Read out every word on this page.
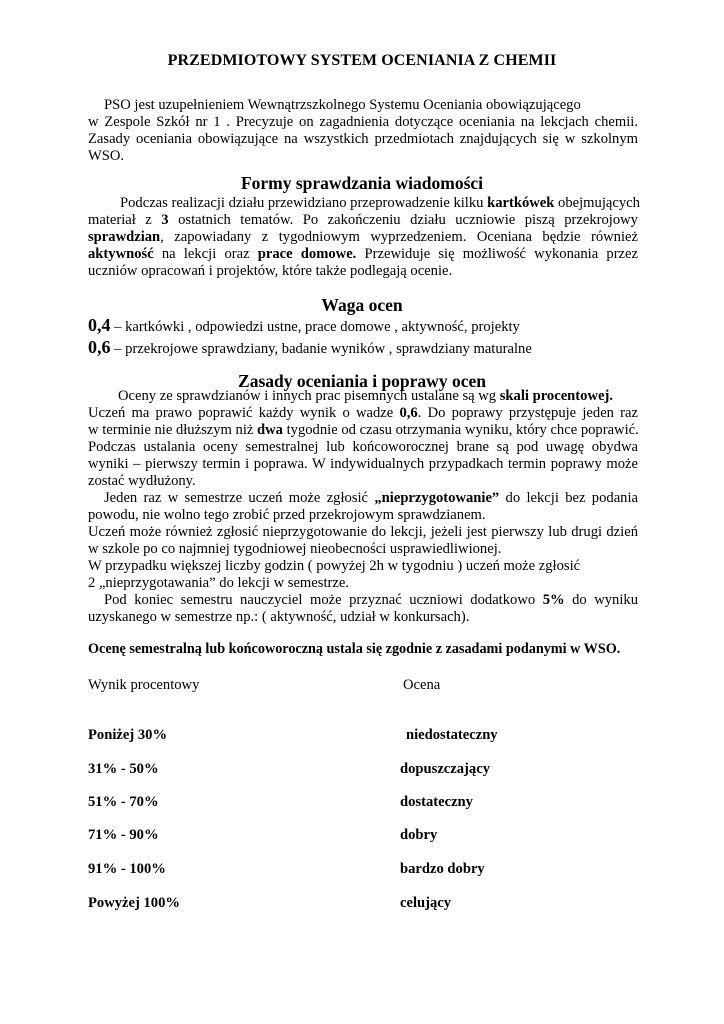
PRZEDMIOTOWY SYSTEM OCENIANIA Z CHEMII
PSO jest uzupełnieniem Wewnątrzszkolnego Systemu Oceniania obowiązującego
w Zespole Szkół nr 1 . Precyzuje on zagadnienia dotyczące oceniania na lekcjach chemii.
Zasady oceniania obowiązujące na wszystkich przedmiotach znajdujących się w szkolnym
WSO.
Formy sprawdzania wiadomości
Podczas realizacji działu przewidziano przeprowadzenie kilku kartkówek obejmujących
materiał z 3 ostatnich tematów. Po zakończeniu działu uczniowie piszą przekrojowy
sprawdzian, zapowiadany z tygodniowym wyprzedzeniem. Oceniana będzie również
aktywność na lekcji oraz prace domowe. Przewiduje się możliwość wykonania przez
uczniów opracowań i projektów, które także podlegają ocenie.
Waga ocen
0,4 – kartkówki , odpowiedzi ustne, prace domowe , aktywność, projekty
0,6 – przekrojowe sprawdziany, badanie wyników , sprawdziany maturalne
Zasady oceniania i poprawy ocen
Oceny ze sprawdzianów i innych prac pisemnych ustalane są wg skali procentowej.
Uczeń ma prawo poprawić każdy wynik o wadze 0,6. Do poprawy przystępuje jeden raz
w terminie nie dłuższym niż dwa tygodnie od czasu otrzymania wyniku, który chce poprawić.
Podczas ustalania oceny semestralnej lub końcoworocznej brane są pod uwagę obydwa
wyniki – pierwszy termin i poprawa. W indywidualnych przypadkach termin poprawy może
zostać wydłużony.
Jeden raz w semestrze uczeń może zgłosić „nieprzygotowanie” do lekcji bez podania
powodu, nie wolno tego zrobić przed przekrojowym sprawdzianem.
Uczeń może również zgłosić nieprzygotowanie do lekcji, jeżeli jest pierwszy lub drugi dzień
w szkole po co najmniej tygodniowej nieobecności usprawiedliwionej.
W przypadku większej liczby godzin ( powyżej 2h w tygodniu ) uczeń może zgłosić
2 „nieprzygotawania” do lekcji w semestrze.
Pod koniec semestru nauczyciel może przyznać uczniowi dodatkowo 5% do wyniku
uzyskanego w semestrze np.: ( aktywność, udział w konkursach).
Ocenę semestralną lub końcoworoczną ustala się zgodnie z zasadami podanymi w WSO.
Wynik procentowy	Ocena
Poniżej 30%	niedostateczny
31% - 50%	dopuszczający
51% - 70%	dostateczny
71% - 90%	dobry
91% - 100%	bardzo dobry
Powyżej 100%	celujący
